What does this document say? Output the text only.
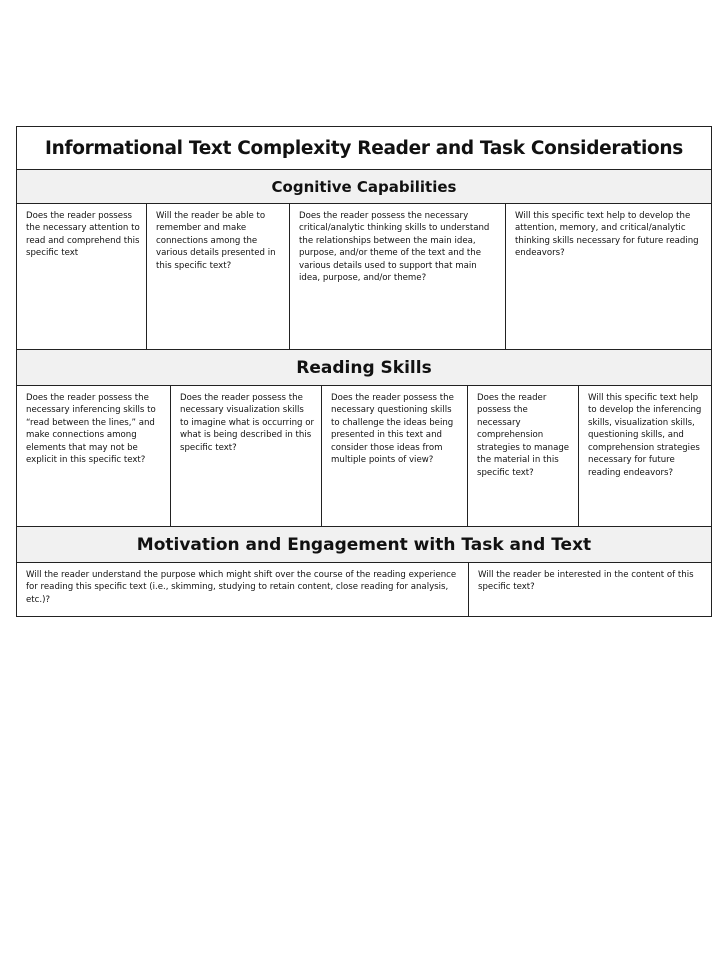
Informational Text Complexity Reader and Task Considerations
Cognitive Capabilities
Does the reader possess the necessary attention to read and comprehend this specific text
Will the reader be able to remember and make connections among the various details presented in this specific text?
Does the reader possess the necessary critical/analytic thinking skills to understand the relationships between the main idea, purpose, and/or theme of the text and the various details used to support that main idea, purpose, and/or theme?
Will this specific text help to develop the attention, memory, and critical/analytic thinking skills necessary for future reading endeavors?
Reading Skills
Does the reader possess the necessary inferencing skills to “read between the lines,” and make connections among elements that may not be explicit in this specific text?
Does the reader possess the necessary visualization skills to imagine what is occurring or what is being described in this specific text?
Does the reader possess the necessary questioning skills to challenge the ideas being presented in this text and consider those ideas from multiple points of view?
Does the reader possess the necessary comprehension strategies to manage the material in this specific text?
Will this specific text help to develop the inferencing skills, visualization skills, questioning skills, and comprehension strategies necessary for future reading endeavors?
Motivation and Engagement with Task and Text
Will the reader understand the purpose which might shift over the course of the reading experience for reading this specific text (i.e., skimming, studying to retain content, close reading for analysis, etc.)?
Will the reader be interested in the content of this specific text?
